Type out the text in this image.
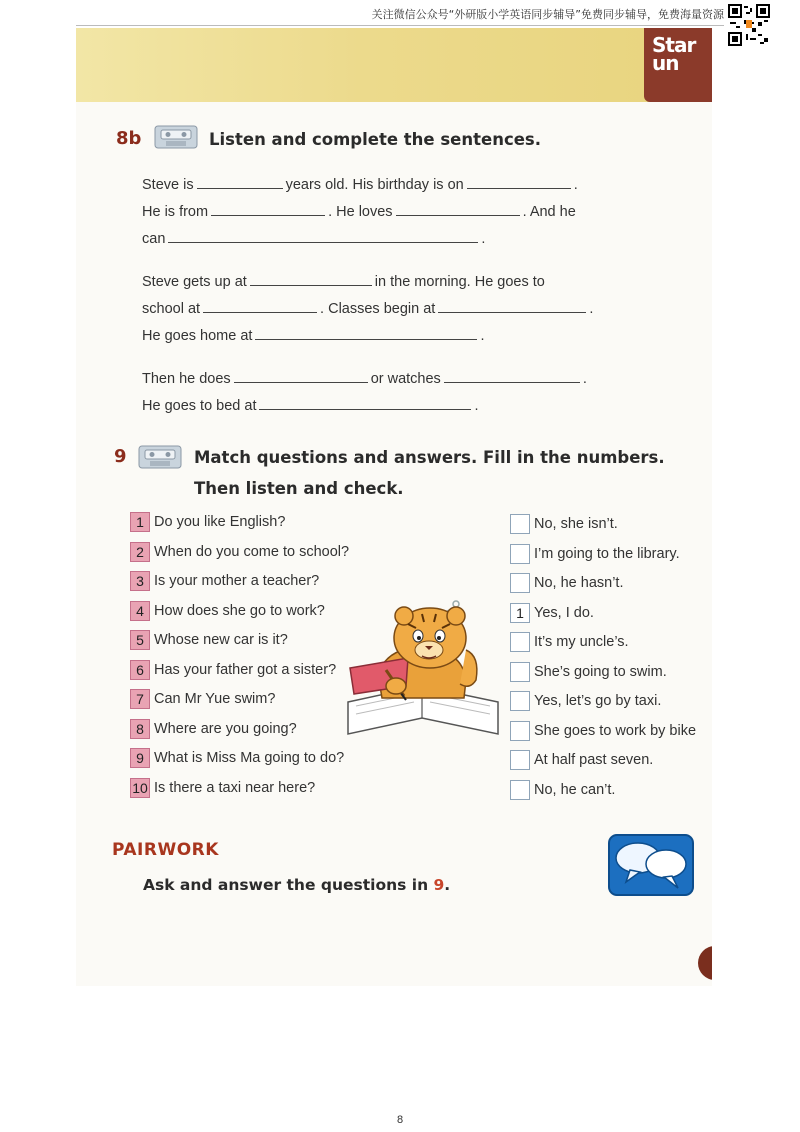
关注微信公众号“外研版小学英语同步辅导”免费同步辅导，免费海量资源
Star
un
8b	Listen and complete the sentences.
Steve is	years old. His birthday is on	.
He is from	. He loves	. And he
can	.
Steve gets up at	in the morning. He goes to
school at	. Classes begin at	.
He goes home at	.
Then he does	or watches	.
He goes to bed at	.
9	Match questions and answers. Fill in the numbers.
Then listen and check.
1 Do you like English?
2 When do you come to school?
3 Is your mother a teacher?
4 How does she go to work?
5 Whose new car is it?
6 Has your father got a sister?
7 Can Mr Yue swim?
8 Where are you going?
9 What is Miss Ma going to do?
10 Is there a taxi near here?
No, she isn’t.
I’m going to the library.
No, he hasn’t.
1 Yes, I do.
It’s my uncle’s.
She’s going to swim.
Yes, let’s go by taxi.
She goes to work by bike
At half past seven.
No, he can’t.
PAIRWORK
Ask and answer the questions in 9.
8
